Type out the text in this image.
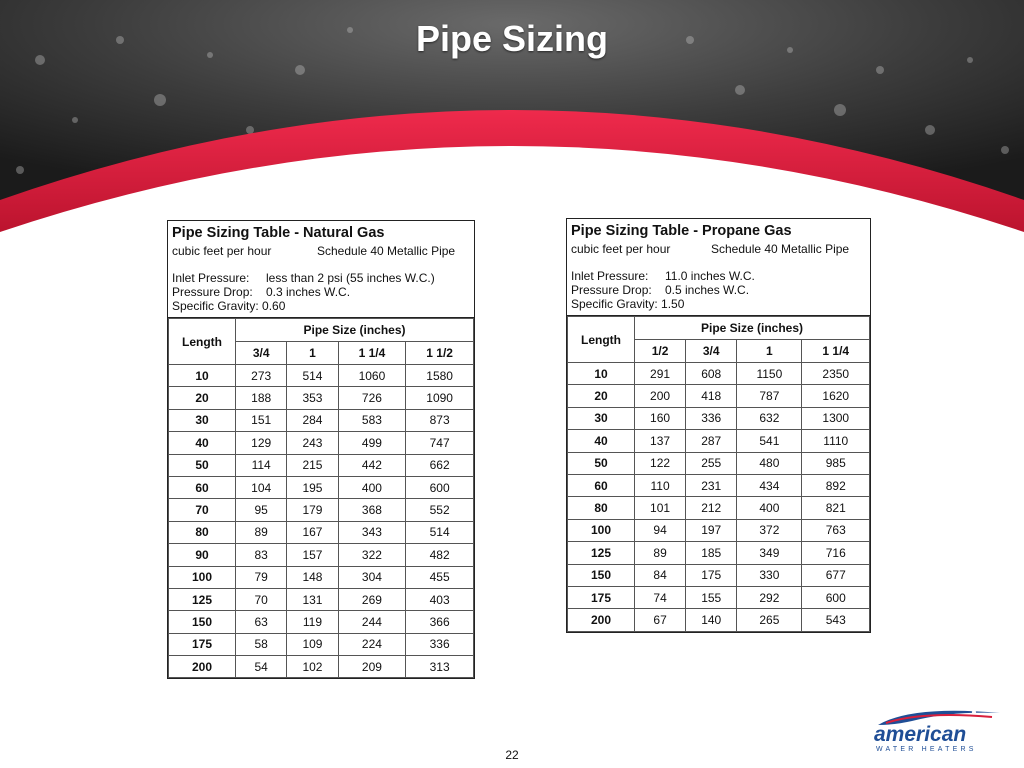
Pipe Sizing
Pipe Sizing Table - Natural Gas
cubic feet per hour	Schedule 40 Metallic Pipe
Inlet Pressure: less than 2 psi (55 inches W.C.)
Pressure Drop: 0.3 inches W.C.
Specific Gravity: 0.60
Length	Pipe Size (inches)			
	3/4	1	1 1/4	1 1/2
10	273	514	1060	1580
20	188	353	726	1090
30	151	284	583	873
40	129	243	499	747
50	114	215	442	662
60	104	195	400	600
70	95	179	368	552
80	89	167	343	514
90	83	157	322	482
100	79	148	304	455
125	70	131	269	403
150	63	119	244	366
175	58	109	224	336
200	54	102	209	313
Pipe Sizing Table - Propane Gas
cubic feet per hour	Schedule 40 Metallic Pipe
Inlet Pressure: 11.0 inches W.C.
Pressure Drop: 0.5 inches W.C.
Specific Gravity: 1.50
Length	Pipe Size (inches)			
	1/2	3/4	1	1 1/4
10	291	608	1150	2350
20	200	418	787	1620
30	160	336	632	1300
40	137	287	541	1110
50	122	255	480	985
60	110	231	434	892
80	101	212	400	821
100	94	197	372	763
125	89	185	349	716
150	84	175	330	677
175	74	155	292	600
200	67	140	265	543
22
american
WATER HEATERS
